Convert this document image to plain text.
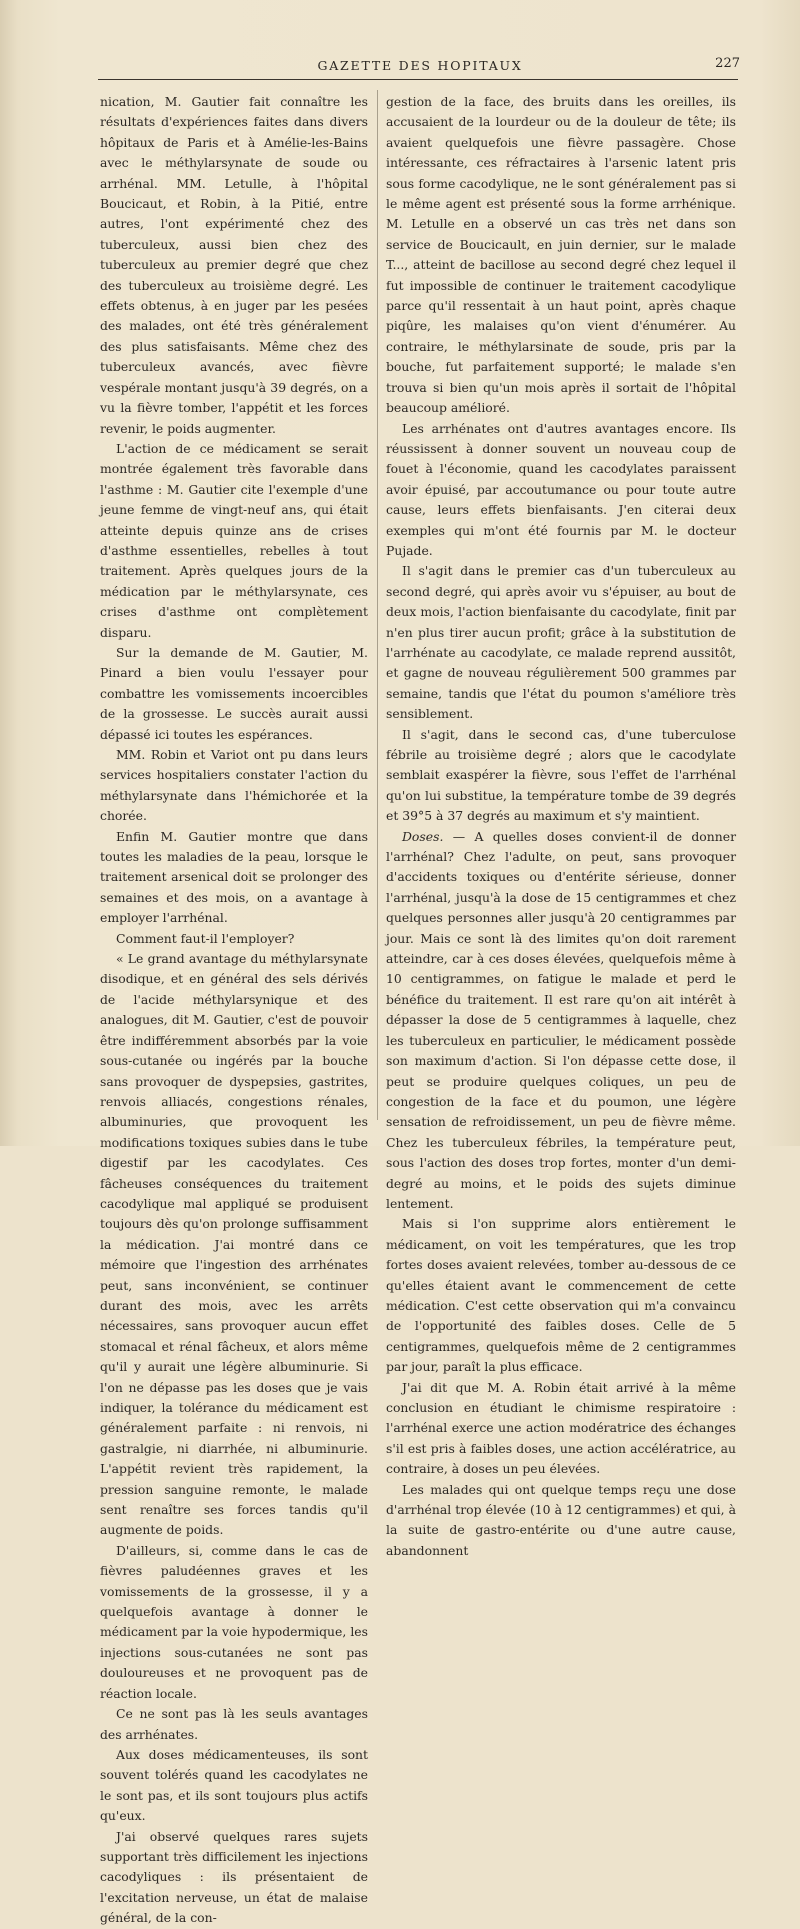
GAZETTE DES HOPITAUX	227

nication, M. Gautier fait connaître les résultats d'expériences faites dans divers hôpitaux de Paris et à Amélie-les-Bains avec le méthylarsynate de soude ou arrhénal. MM. Letulle, à l'hôpital Boucicaut, et Robin, à la Pitié, entre autres, l'ont expérimenté chez des tuberculeux, aussi bien chez des tuberculeux au premier degré que chez des tuberculeux au troisième degré. Les effets obtenus, à en juger par les pesées des malades, ont été très généralement des plus satisfaisants. Même chez des tuberculeux avancés, avec fièvre vespérale montant jusqu'à 39 degrés, on a vu la fièvre tomber, l'appétit et les forces revenir, le poids augmenter.

L'action de ce médicament se serait montrée également très favorable dans l'asthme : M. Gautier cite l'exemple d'une jeune femme de vingt-neuf ans, qui était atteinte depuis quinze ans de crises d'asthme essentielles, rebelles à tout traitement. Après quelques jours de la médication par le méthylarsynate, ces crises d'asthme ont complètement disparu.

Sur la demande de M. Gautier, M. Pinard a bien voulu l'essayer pour combattre les vomissements incoercibles de la grossesse. Le succès aurait aussi dépassé ici toutes les espérances.

MM. Robin et Variot ont pu dans leurs services hospitaliers constater l'action du méthylarsynate dans l'hémichorée et la chorée.

Enfin M. Gautier montre que dans toutes les maladies de la peau, lorsque le traitement arsenical doit se prolonger des semaines et des mois, on a avantage à employer l'arrhénal.

Comment faut-il l'employer?

« Le grand avantage du méthylarsynate disodique, et en général des sels dérivés de l'acide méthylarsynique et des analogues, dit M. Gautier, c'est de pouvoir être indifféremment absorbés par la voie sous-cutanée ou ingérés par la bouche sans provoquer de dyspepsies, gastrites, renvois alliacés, congestions rénales, albuminuries, que provoquent les modifications toxiques subies dans le tube digestif par les cacodylates. Ces fâcheuses conséquences du traitement cacodylique mal appliqué se produisent toujours dès qu'on prolonge suffisamment la médication. J'ai montré dans ce mémoire que l'ingestion des arrhénates peut, sans inconvénient, se continuer durant des mois, avec les arrêts nécessaires, sans provoquer aucun effet stomacal et rénal fâcheux, et alors même qu'il y aurait une légère albuminurie. Si l'on ne dépasse pas les doses que je vais indiquer, la tolérance du médicament est généralement parfaite : ni renvois, ni gastralgie, ni diarrhée, ni albuminurie. L'appétit revient très rapidement, la pression sanguine remonte, le malade sent renaître ses forces tandis qu'il augmente de poids.

D'ailleurs, si, comme dans le cas de fièvres paludéennes graves et les vomissements de la grossesse, il y a quelquefois avantage à donner le médicament par la voie hypodermique, les injections sous-cutanées ne sont pas douloureuses et ne provoquent pas de réaction locale.

Ce ne sont pas là les seuls avantages des arrhénates.

Aux doses médicamenteuses, ils sont souvent tolérés quand les cacodylates ne le sont pas, et ils sont toujours plus actifs qu'eux.

J'ai observé quelques rares sujets supportant très difficilement les injections cacodyliques : ils présentaient de l'excitation nerveuse, un état de malaise général, de la con-

gestion de la face, des bruits dans les oreilles, ils accusaient de la lourdeur ou de la douleur de tête; ils avaient quelquefois une fièvre passagère. Chose intéressante, ces réfractaires à l'arsenic latent pris sous forme cacodylique, ne le sont généralement pas si le même agent est présenté sous la forme arrhénique. M. Letulle en a observé un cas très net dans son service de Boucicault, en juin dernier, sur le malade T..., atteint de bacillose au second degré chez lequel il fut impossible de continuer le traitement cacodylique parce qu'il ressentait à un haut point, après chaque piqûre, les malaises qu'on vient d'énumérer. Au contraire, le méthylarsinate de soude, pris par la bouche, fut parfaitement supporté; le malade s'en trouva si bien qu'un mois après il sortait de l'hôpital beaucoup amélioré.

Les arrhénates ont d'autres avantages encore. Ils réussissent à donner souvent un nouveau coup de fouet à l'économie, quand les cacodylates paraissent avoir épuisé, par accoutumance ou pour toute autre cause, leurs effets bienfaisants. J'en citerai deux exemples qui m'ont été fournis par M. le docteur Pujade.

Il s'agit dans le premier cas d'un tuberculeux au second degré, qui après avoir vu s'épuiser, au bout de deux mois, l'action bienfaisante du cacodylate, finit par n'en plus tirer aucun profit; grâce à la substitution de l'arrhénate au cacodylate, ce malade reprend aussitôt, et gagne de nouveau régulièrement 500 grammes par semaine, tandis que l'état du poumon s'améliore très sensiblement.

Il s'agit, dans le second cas, d'une tuberculose fébrile au troisième degré ; alors que le cacodylate semblait exaspérer la fièvre, sous l'effet de l'arrhénal qu'on lui substitue, la température tombe de 39 degrés et 39°5 à 37 degrés au maximum et s'y maintient.

Doses. — A quelles doses convient-il de donner l'arrhénal? Chez l'adulte, on peut, sans provoquer d'accidents toxiques ou d'entérite sérieuse, donner l'arrhénal, jusqu'à la dose de 15 centigrammes et chez quelques personnes aller jusqu'à 20 centigrammes par jour. Mais ce sont là des limites qu'on doit rarement atteindre, car à ces doses élevées, quelquefois même à 10 centigrammes, on fatigue le malade et perd le bénéfice du traitement. Il est rare qu'on ait intérêt à dépasser la dose de 5 centigrammes à laquelle, chez les tuberculeux en particulier, le médicament possède son maximum d'action. Si l'on dépasse cette dose, il peut se produire quelques coliques, un peu de congestion de la face et du poumon, une légère sensation de refroidissement, un peu de fièvre même. Chez les tuberculeux fébriles, la température peut, sous l'action des doses trop fortes, monter d'un demi-degré au moins, et le poids des sujets diminue lentement.

Mais si l'on supprime alors entièrement le médicament, on voit les températures, que les trop fortes doses avaient relevées, tomber au-dessous de ce qu'elles étaient avant le commencement de cette médication. C'est cette observation qui m'a convaincu de l'opportunité des faibles doses. Celle de 5 centigrammes, quelquefois même de 2 centigrammes par jour, paraît la plus efficace.

J'ai dit que M. A. Robin était arrivé à la même conclusion en étudiant le chimisme respiratoire : l'arrhénal exerce une action modératrice des échanges s'il est pris à faibles doses, une action accélératrice, au contraire, à doses un peu élevées.

Les malades qui ont quelque temps reçu une dose d'arrhénal trop élevée (10 à 12 centigrammes) et qui, à la suite de gastro-entérite ou d'une autre cause, abandonnent
